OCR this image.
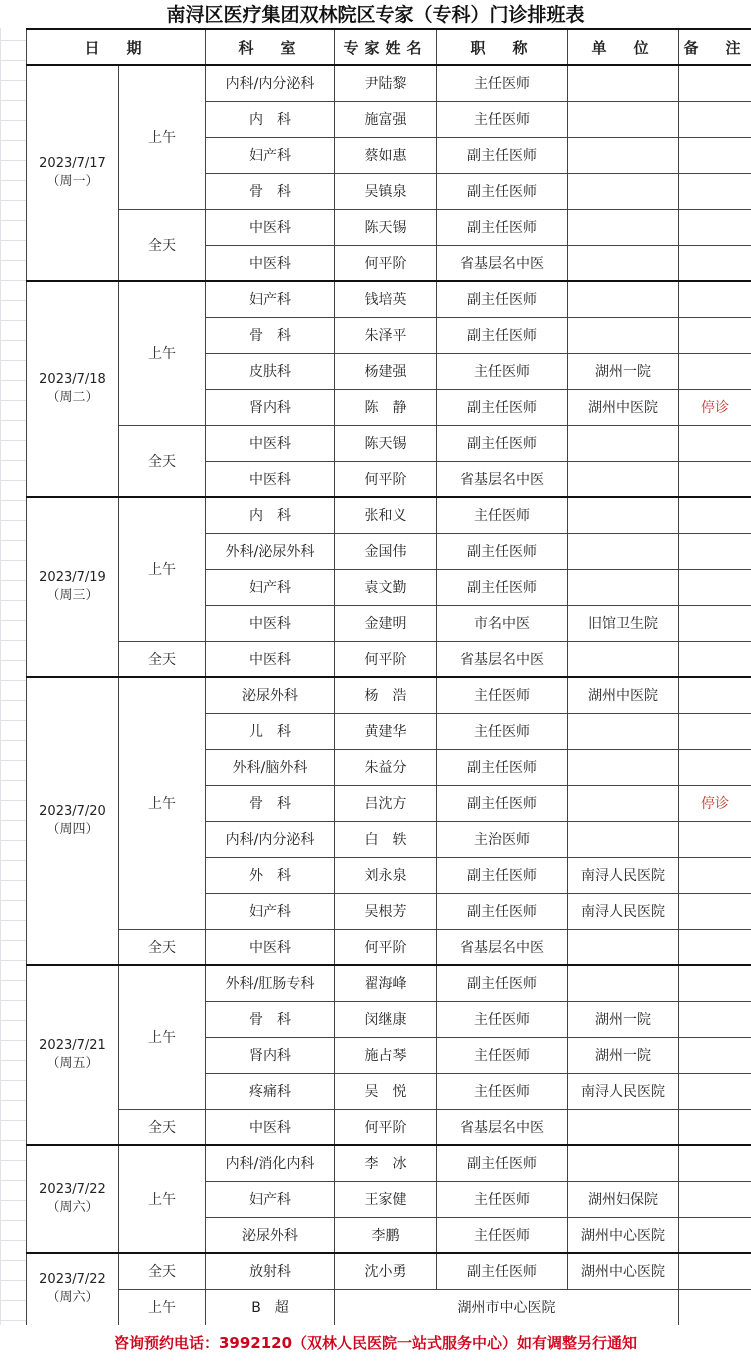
南浔区医疗集团双林院区专家（专科）门诊排班表
日　期		科　室	专家姓名	职　称	单　位	备　注

2023/7/17
（周一）	上午	内科/内分泌科	尹陆黎	主任医师		
		内　科	施富强	主任医师		
		妇产科	蔡如惠	副主任医师		
		骨　科	吴镇泉	副主任医师		
	全天	中医科	陈天锡	副主任医师		
		中医科	何平阶	省基层名中医		

2023/7/18
（周二）	上午	妇产科	钱培英	副主任医师		
		骨　科	朱泽平	副主任医师		
		皮肤科	杨建强	主任医师	湖州一院	
		肾内科	陈　静	副主任医师	湖州中医院	停诊
	全天	中医科	陈天锡	副主任医师		
		中医科	何平阶	省基层名中医		

2023/7/19
（周三）	上午	内　科	张和义	主任医师		
		外科/泌尿外科	金国伟	副主任医师		
		妇产科	袁文勤	副主任医师		
		中医科	金建明	市名中医	旧馆卫生院	
	全天	中医科	何平阶	省基层名中医		

2023/7/20
（周四）	上午	泌尿外科	杨　浩	主任医师	湖州中医院	
		儿　科	黄建华	主任医师		
		外科/脑外科	朱益分	副主任医师		
		骨　科	吕沈方	副主任医师		停诊
		内科/内分泌科	白　轶	主治医师		
		外　科	刘永泉	副主任医师	南浔人民医院	
		妇产科	吴根芳	副主任医师	南浔人民医院	
	全天	中医科	何平阶	省基层名中医		

2023/7/21
（周五）	上午	外科/肛肠专科	翟海峰	副主任医师		
		骨　科	闵继康	主任医师	湖州一院	
		肾内科	施占琴	主任医师	湖州一院	
		疼痛科	吴　悦	主任医师	南浔人民医院	
	全天	中医科	何平阶	省基层名中医		

2023/7/22
（周六）	上午	内科/消化内科	李　冰	副主任医师		
		妇产科	王家健	主任医师	湖州妇保院	
		泌尿外科	李鹏	主任医师	湖州中心医院	

2023/7/22
（周六）	全天	放射科	沈小勇	副主任医师	湖州中心医院	
	上午	B　超	湖州市中心医院			
咨询预约电话：3992120（双林人民医院一站式服务中心）如有调整另行通知
